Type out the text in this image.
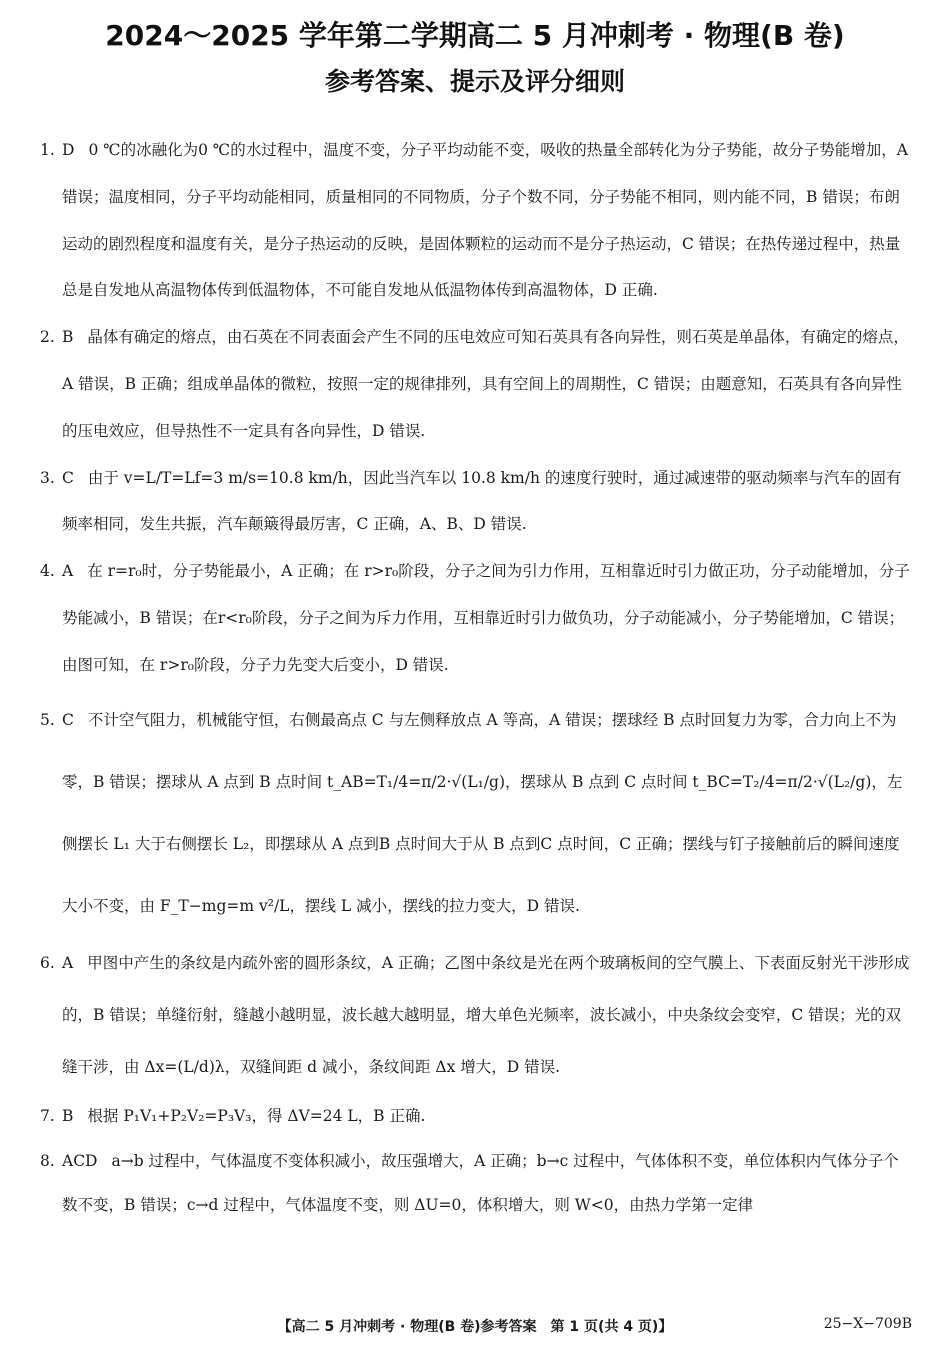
2024～2025 学年第二学期高二 5 月冲刺考 · 物理(B 卷)
参考答案、提示及评分细则

1. D 0 ℃的冰融化为0 ℃的水过程中，温度不变，分子平均动能不变，吸收的热量全部转化为分子势能，故分子势能增加，A 错误；温度相同，分子平均动能相同，质量相同的不同物质，分子个数不同，分子势能不相同，则内能不同，B 错误；布朗运动的剧烈程度和温度有关，是分子热运动的反映，是固体颗粒的运动而不是分子热运动，C 错误；在热传递过程中，热量总是自发地从高温物体传到低温物体，不可能自发地从低温物体传到高温物体，D 正确.

2. B 晶体有确定的熔点，由石英在不同表面会产生不同的压电效应可知石英具有各向异性，则石英是单晶体，有确定的熔点，A 错误，B 正确；组成单晶体的微粒，按照一定的规律排列，具有空间上的周期性，C 错误；由题意知，石英具有各向异性的压电效应，但导热性不一定具有各向异性，D 错误.

3. C 由于 v=L/T=Lf=3 m/s=10.8 km/h，因此当汽车以 10.8 km/h 的速度行驶时，通过减速带的驱动频率与汽车的固有频率相同，发生共振，汽车颠簸得最厉害，C 正确，A、B、D 错误.

4. A 在 r=r₀时，分子势能最小，A 正确；在 r>r₀阶段，分子之间为引力作用，互相靠近时引力做正功，分子动能增加，分子势能减小，B 错误；在r<r₀阶段，分子之间为斥力作用，互相靠近时引力做负功，分子动能减小，分子势能增加，C 错误；由图可知，在 r>r₀阶段，分子力先变大后变小，D 错误.

5. C 不计空气阻力，机械能守恒，右侧最高点 C 与左侧释放点 A 等高，A 错误；摆球经 B 点时回复力为零，合力向上不为零，B 错误；摆球从 A 点到 B 点时间 t_AB=T₁/4=π/2·√(L₁/g)，摆球从 B 点到 C 点时间 t_BC=T₂/4=π/2·√(L₂/g)，左侧摆长 L₁ 大于右侧摆长 L₂，即摆球从 A 点到B 点时间大于从 B 点到C 点时间，C 正确；摆线与钉子接触前后的瞬间速度大小不变，由 F_T−mg=m v²/L，摆线 L 减小，摆线的拉力变大，D 错误.

6. A 甲图中产生的条纹是内疏外密的圆形条纹，A 正确；乙图中条纹是光在两个玻璃板间的空气膜上、下表面反射光干涉形成的，B 错误；单缝衍射，缝越小越明显，波长越大越明显，增大单色光频率，波长减小，中央条纹会变窄，C 错误；光的双缝干涉，由 Δx=(L/d)λ，双缝间距 d 减小，条纹间距 Δx 增大，D 错误.

7. B 根据 P₁V₁+P₂V₂=P₃V₃，得 ΔV=24 L，B 正确.

8. ACD a→b 过程中，气体温度不变体积减小，故压强增大，A 正确；b→c 过程中，气体体积不变，单位体积内气体分子个数不变，B 错误；c→d 过程中，气体温度不变，则 ΔU=0，体积增大，则 W<0，由热力学第一定律

【高二 5 月冲刺考 · 物理(B 卷)参考答案　第 1 页(共 4 页)】	25−X−709B
